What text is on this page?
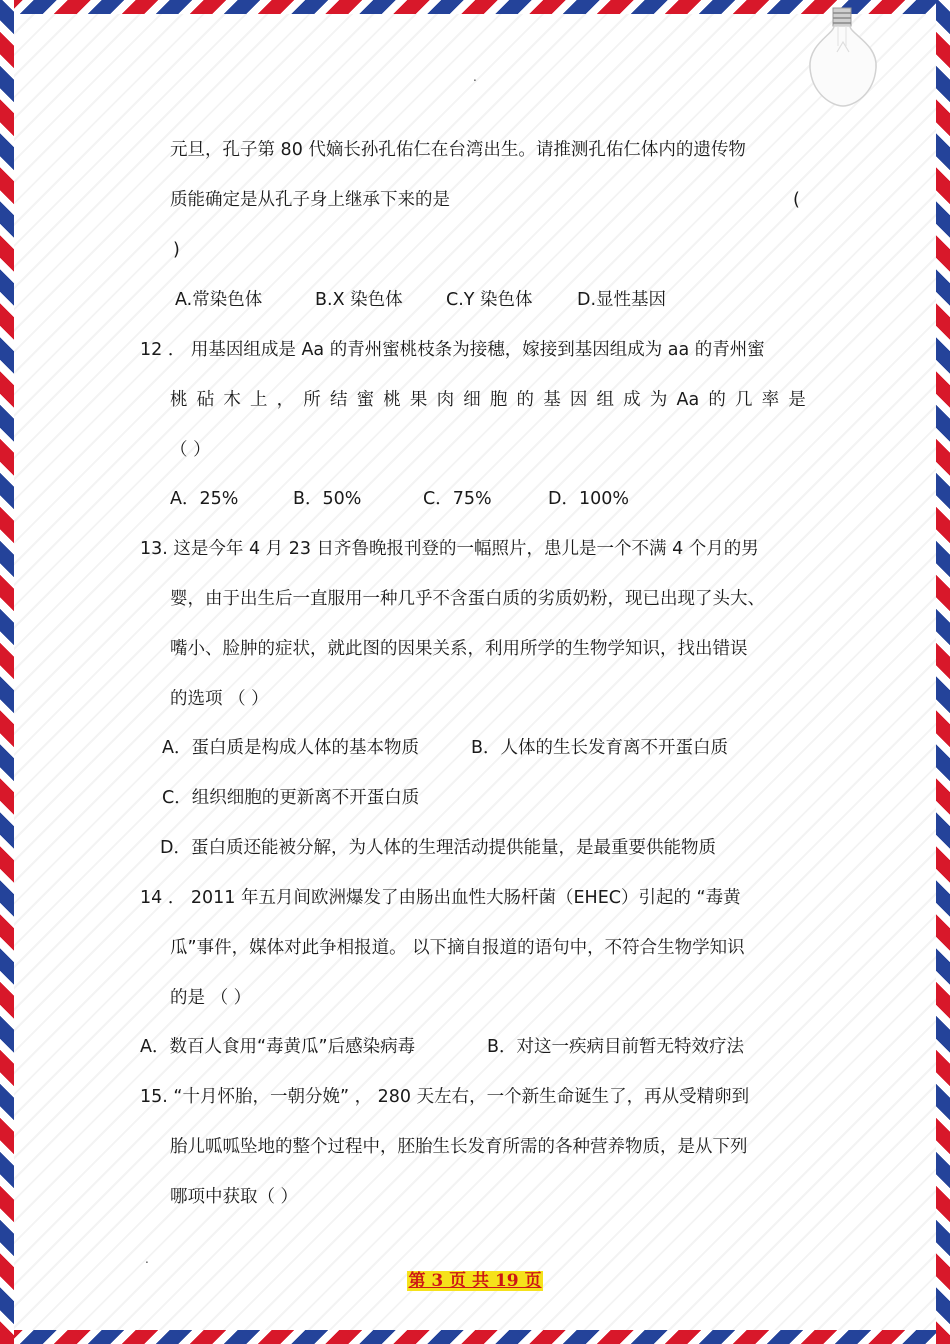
.
元旦，孔子第 80 代嫡长孙孔佑仁在台湾出生。请推测孔佑仁体内的遗传物
质能确定是从孔子身上继承下来的是	(
)
A.常染色体	B.X 染色体 C.Y 染色体	D.显性基因
12 ． 用基因组成是 Aa 的青州蜜桃枝条为接穗，嫁接到基因组成为 aa 的青州蜜
桃 砧 木 上 ， 所 结 蜜 桃 果 肉 细 胞 的 基 因 组 成 为 Aa 的 几 率 是
（ ）
A．25%	B．50%	C．75%	D．100%
13. 这是今年 4 月 23 日齐鲁晚报刊登的一幅照片，患儿是一个不满 4 个月的男
婴，由于出生后一直服用一种几乎不含蛋白质的劣质奶粉，现已出现了头大、
嘴小、脸肿的症状，就此图的因果关系，利用所学的生物学知识，找出错误
的选项 （ ）
A．蛋白质是构成人体的基本物质	B．人体的生长发育离不开蛋白质
C．组织细胞的更新离不开蛋白质
D．蛋白质还能被分解，为人体的生理活动提供能量，是最重要供能物质
14 ． 2011 年五月间欧洲爆发了由肠出血性大肠杆菌（EHEC）引起的 “毒黄
瓜”事件，媒体对此争相报道。 以下摘自报道的语句中，不符合生物学知识
的是 （ ）
A．数百人食用“毒黄瓜”后感染病毒	B．对这一疾病目前暂无特效疗法
15. “十月怀胎，一朝分娩” ， 280 天左右，一个新生命诞生了，再从受精卵到
胎儿呱呱坠地的整个过程中，胚胎生长发育所需的各种营养物质，是从下列
哪项中获取（ ）
.
第 3 页 共 19 页
